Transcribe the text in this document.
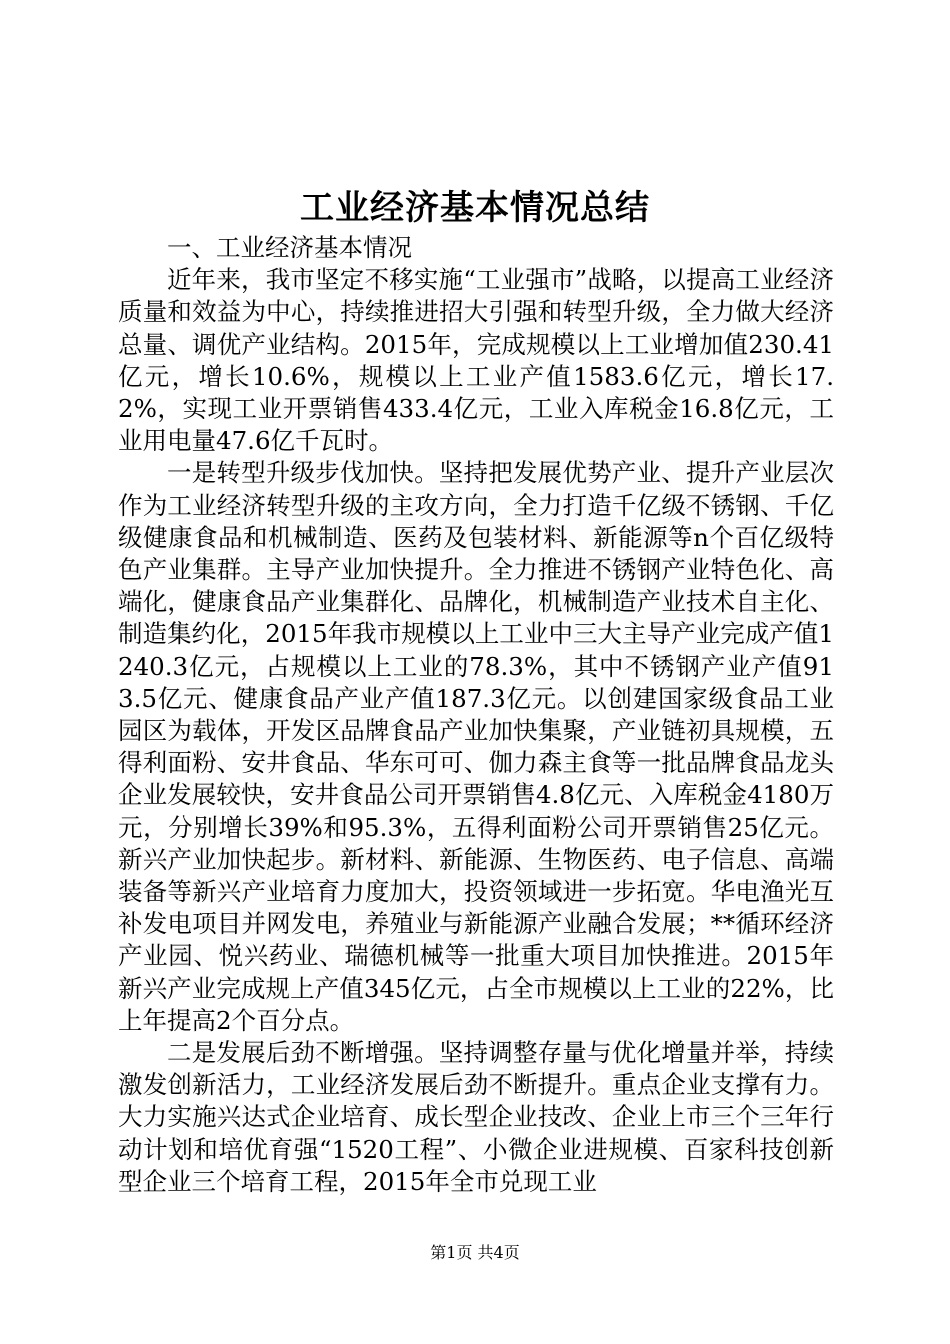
工业经济基本情况总结

一、工业经济基本情况

近年来，我市坚定不移实施“工业强市”战略，以提高工业经济质量和效益为中心，持续推进招大引强和转型升级，全力做大经济总量、调优产业结构。2015年，完成规模以上工业增加值230.41亿元，增长10.6%，规模以上工业产值1583.6亿元，增长17.2%，实现工业开票销售433.4亿元，工业入库税金16.8亿元，工业用电量47.6亿千瓦时。

一是转型升级步伐加快。坚持把发展优势产业、提升产业层次作为工业经济转型升级的主攻方向，全力打造千亿级不锈钢、千亿级健康食品和机械制造、医药及包装材料、新能源等n个百亿级特色产业集群。主导产业加快提升。全力推进不锈钢产业特色化、高端化，健康食品产业集群化、品牌化，机械制造产业技术自主化、制造集约化，2015年我市规模以上工业中三大主导产业完成产值1240.3亿元，占规模以上工业的78.3%，其中不锈钢产业产值913.5亿元、健康食品产业产值187.3亿元。以创建国家级食品工业园区为载体，开发区品牌食品产业加快集聚，产业链初具规模，五得利面粉、安井食品、华东可可、伽力森主食等一批品牌食品龙头企业发展较快，安井食品公司开票销售4.8亿元、入库税金4180万元，分别增长39%和95.3%，五得利面粉公司开票销售25亿元。新兴产业加快起步。新材料、新能源、生物医药、电子信息、高端装备等新兴产业培育力度加大，投资领域进一步拓宽。华电渔光互补发电项目并网发电，养殖业与新能源产业融合发展；**循环经济产业园、悦兴药业、瑞德机械等一批重大项目加快推进。2015年新兴产业完成规上产值345亿元，占全市规模以上工业的22%，比上年提高2个百分点。

二是发展后劲不断增强。坚持调整存量与优化增量并举，持续激发创新活力，工业经济发展后劲不断提升。重点企业支撑有力。大力实施兴达式企业培育、成长型企业技改、企业上市三个三年行动计划和培优育强“1520工程”、小微企业进规模、百家科技创新型企业三个培育工程，2015年全市兑现工业

第1页 共4页
